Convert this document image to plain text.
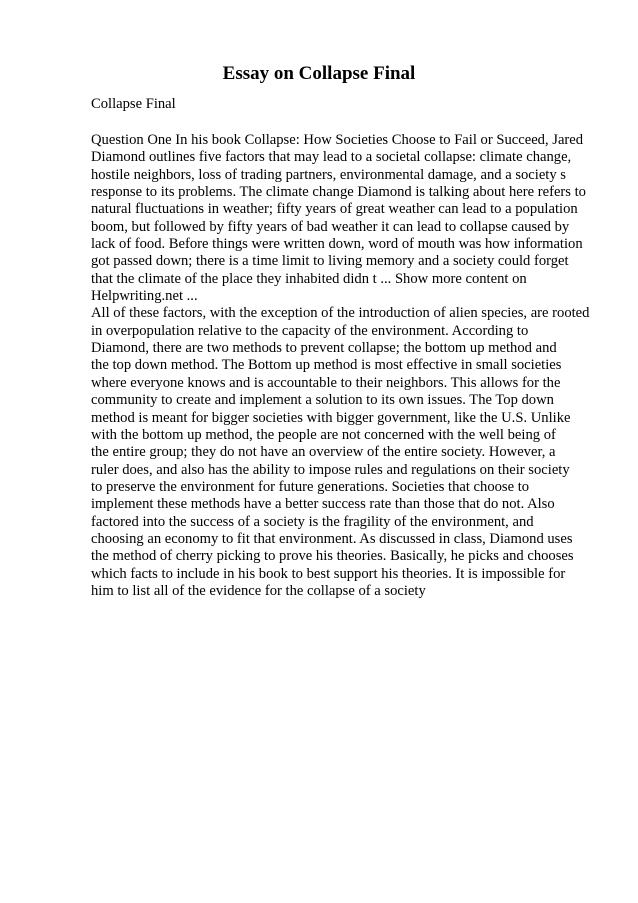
Essay on Collapse Final

Collapse Final

Question One In his book Collapse: How Societies Choose to Fail or Succeed, Jared
Diamond outlines five factors that may lead to a societal collapse: climate change,
hostile neighbors, loss of trading partners, environmental damage, and a society s
response to its problems. The climate change Diamond is talking about here refers to
natural fluctuations in weather; fifty years of great weather can lead to a population
boom, but followed by fifty years of bad weather it can lead to collapse caused by
lack of food. Before things were written down, word of mouth was how information
got passed down; there is a time limit to living memory and a society could forget
that the climate of the place they inhabited didn t ... Show more content on
Helpwriting.net ...
All of these factors, with the exception of the introduction of alien species, are rooted
in overpopulation relative to the capacity of the environment. According to
Diamond, there are two methods to prevent collapse; the bottom up method and
the top down method. The Bottom up method is most effective in small societies
where everyone knows and is accountable to their neighbors. This allows for the
community to create and implement a solution to its own issues. The Top down
method is meant for bigger societies with bigger government, like the U.S. Unlike
with the bottom up method, the people are not concerned with the well being of
the entire group; they do not have an overview of the entire society. However, a
ruler does, and also has the ability to impose rules and regulations on their society
to preserve the environment for future generations. Societies that choose to
implement these methods have a better success rate than those that do not. Also
factored into the success of a society is the fragility of the environment, and
choosing an economy to fit that environment. As discussed in class, Diamond uses
the method of cherry picking to prove his theories. Basically, he picks and chooses
which facts to include in his book to best support his theories. It is impossible for
him to list all of the evidence for the collapse of a society
